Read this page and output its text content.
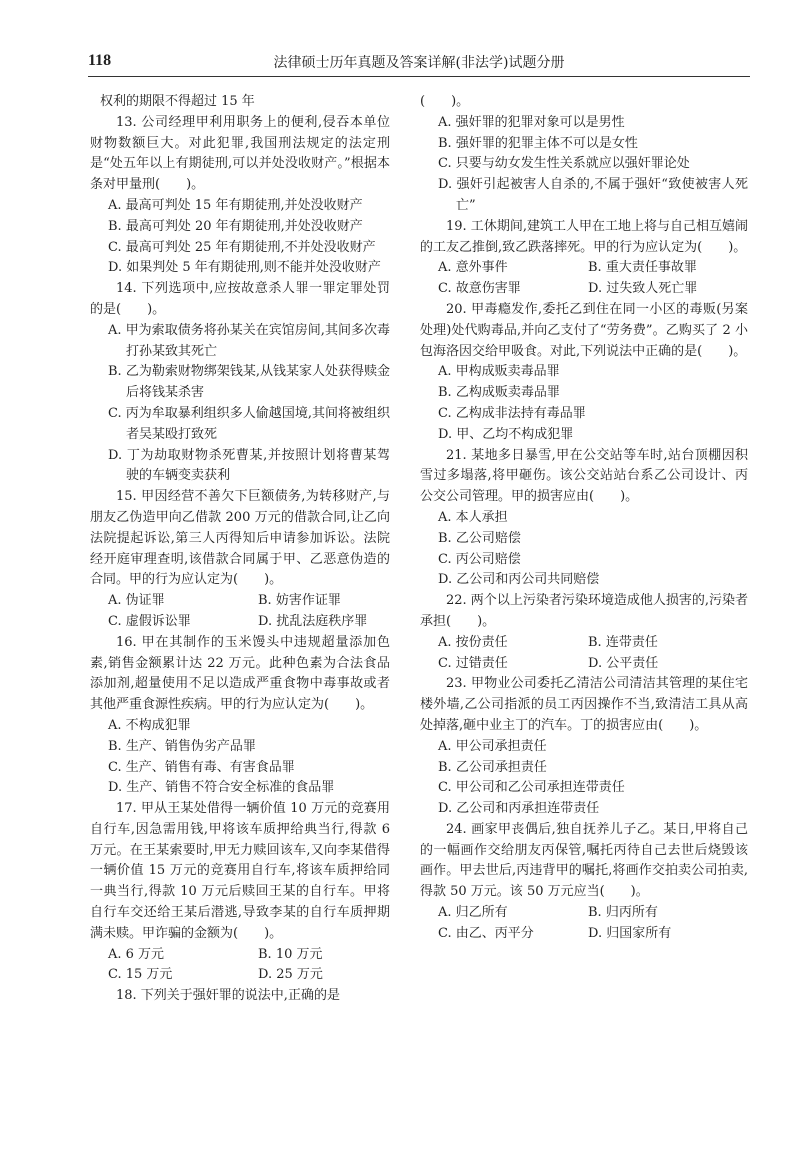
118	法律硕士历年真题及答案详解(非法学)试题分册

权利的期限不得超过 15 年

13. 公司经理甲利用职务上的便利,侵吞本单位财物数额巨大。对此犯罪,我国刑法规定的法定刑是“处五年以上有期徒刑,可以并处没收财产。”根据本条对甲量刑(　　)。

A. 最高可判处 15 年有期徒刑,并处没收财产

B. 最高可判处 20 年有期徒刑,并处没收财产

C. 最高可判处 25 年有期徒刑,不并处没收财产

D. 如果判处 5 年有期徒刑,则不能并处没收财产

14. 下列选项中,应按故意杀人罪一罪定罪处罚的是(　　)。

A. 甲为索取债务将孙某关在宾馆房间,其间多次毒打孙某致其死亡

B. 乙为勒索财物绑架钱某,从钱某家人处获得赎金后将钱某杀害

C. 丙为牟取暴利组织多人偷越国境,其间将被组织者吴某殴打致死

D. 丁为劫取财物杀死曹某,并按照计划将曹某驾驶的车辆变卖获利

15. 甲因经营不善欠下巨额债务,为转移财产,与朋友乙伪造甲向乙借款 200 万元的借款合同,让乙向法院提起诉讼,第三人丙得知后申请参加诉讼。法院经开庭审理查明,该借款合同属于甲、乙恶意伪造的合同。甲的行为应认定为(　　)。

A. 伪证罪	B. 妨害作证罪
C. 虚假诉讼罪	D. 扰乱法庭秩序罪

16. 甲在其制作的玉米馒头中违规超量添加色素,销售金额累计达 22 万元。此种色素为合法食品添加剂,超量使用不足以造成严重食物中毒事故或者其他严重食源性疾病。甲的行为应认定为(　　)。

A. 不构成犯罪

B. 生产、销售伪劣产品罪

C. 生产、销售有毒、有害食品罪

D. 生产、销售不符合安全标准的食品罪

17. 甲从王某处借得一辆价值 10 万元的竞赛用自行车,因急需用钱,甲将该车质押给典当行,得款 6 万元。在王某索要时,甲无力赎回该车,又向李某借得一辆价值 15 万元的竞赛用自行车,将该车质押给同一典当行,得款 10 万元后赎回王某的自行车。甲将自行车交还给王某后潜逃,导致李某的自行车质押期满未赎。甲诈骗的金额为(　　)。

A. 6 万元	B. 10 万元
C. 15 万元	D. 25 万元

18. 下列关于强奸罪的说法中,正确的是

(　　)。

A. 强奸罪的犯罪对象可以是男性

B. 强奸罪的犯罪主体不可以是女性

C. 只要与幼女发生性关系就应以强奸罪论处

D. 强奸引起被害人自杀的,不属于强奸“致使被害人死亡”

19. 工休期间,建筑工人甲在工地上将与自己相互嬉闹的工友乙推倒,致乙跌落摔死。甲的行为应认定为(　　)。

A. 意外事件	B. 重大责任事故罪
C. 故意伤害罪	D. 过失致人死亡罪

20. 甲毒瘾发作,委托乙到住在同一小区的毒贩(另案处理)处代购毒品,并向乙支付了“劳务费”。乙购买了 2 小包海洛因交给甲吸食。对此,下列说法中正确的是(　　)。

A. 甲构成贩卖毒品罪

B. 乙构成贩卖毒品罪

C. 乙构成非法持有毒品罪

D. 甲、乙均不构成犯罪

21. 某地多日暴雪,甲在公交站等车时,站台顶棚因积雪过多塌落,将甲砸伤。该公交站站台系乙公司设计、丙公交公司管理。甲的损害应由(　　)。

A. 本人承担

B. 乙公司赔偿

C. 丙公司赔偿

D. 乙公司和丙公司共同赔偿

22. 两个以上污染者污染环境造成他人损害的,污染者承担(　　)。

A. 按份责任	B. 连带责任
C. 过错责任	D. 公平责任

23. 甲物业公司委托乙清洁公司清洁其管理的某住宅楼外墙,乙公司指派的员工丙因操作不当,致清洁工具从高处掉落,砸中业主丁的汽车。丁的损害应由(　　)。

A. 甲公司承担责任

B. 乙公司承担责任

C. 甲公司和乙公司承担连带责任

D. 乙公司和丙承担连带责任

24. 画家甲丧偶后,独自抚养儿子乙。某日,甲将自己的一幅画作交给朋友丙保管,嘱托丙待自己去世后烧毁该画作。甲去世后,丙违背甲的嘱托,将画作交拍卖公司拍卖,得款 50 万元。该 50 万元应当(　　)。

A. 归乙所有	B. 归丙所有
C. 由乙、丙平分	D. 归国家所有
